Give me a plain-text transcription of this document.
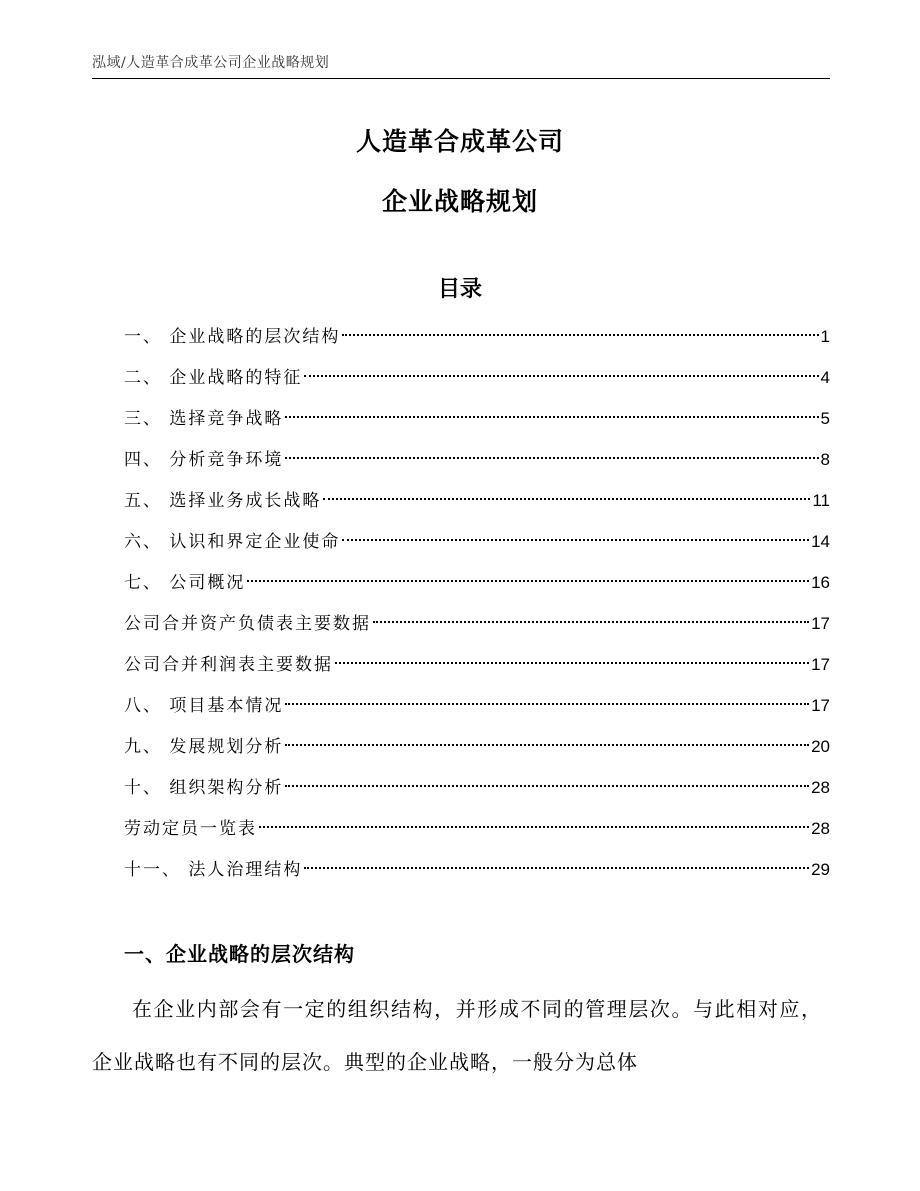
泓域/人造革合成革公司企业战略规划
人造革合成革公司
企业战略规划
目录
一、 企业战略的层次结构	1
二、 企业战略的特征	4
三、 选择竞争战略	5
四、 分析竞争环境	8
五、 选择业务成长战略	11
六、 认识和界定企业使命	14
七、 公司概况	16
公司合并资产负债表主要数据	17
公司合并利润表主要数据	17
八、 项目基本情况	17
九、 发展规划分析	20
十、 组织架构分析	28
劳动定员一览表	28
十一、 法人治理结构	29
一、企业战略的层次结构
在企业内部会有一定的组织结构，并形成不同的管理层次。与此相对应，企业战略也有不同的层次。典型的企业战略，一般分为总体
